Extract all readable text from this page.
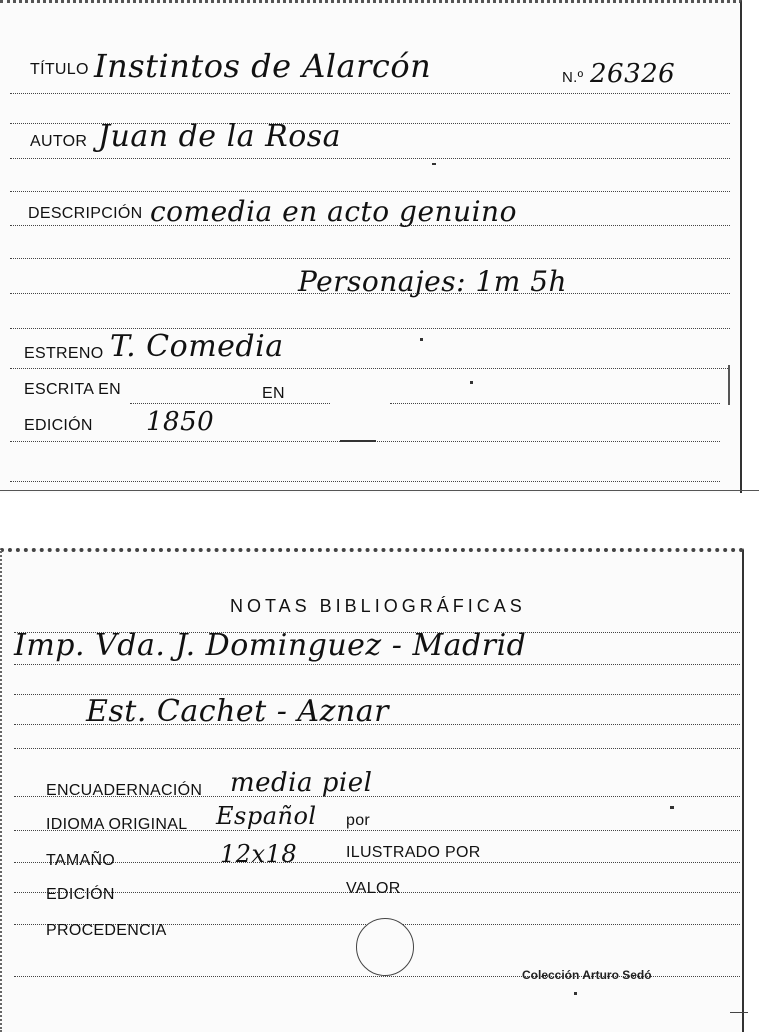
TÍTULO Instintos de Alarcón	N.º 26326
AUTOR Juan de la Rosa
DESCRIPCIÓN comedia en acto genuino
Personajes: 1m 5h
ESTRENO T. Comedia
ESCRITA EN	EN
EDICIÓN 1850
NOTAS BIBLIOGRÁFICAS
Imp. Vda. J. Dominguez - Madrid
Est. Cachet - Aznar
ENCUADERNACIÓN media piel
IDIOMA ORIGINAL Español por
TAMAÑO	12x18	ILUSTRADO POR
EDICIÓN	VALOR
PROCEDENCIA
Colección Arturo Sedó
